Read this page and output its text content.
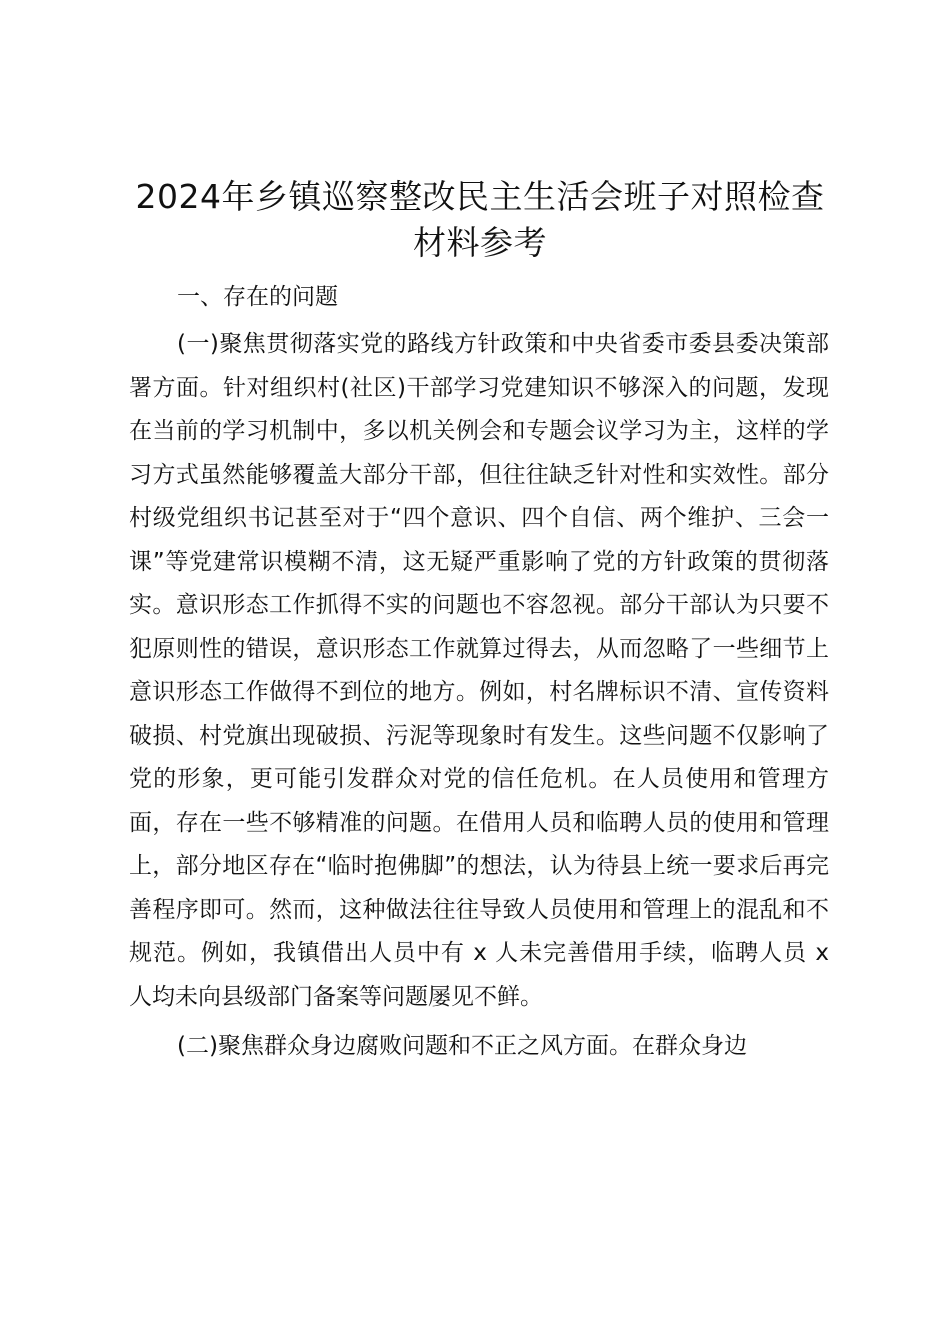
2024年乡镇巡察整改民主生活会班子对照检查材料参考

一、存在的问题

(一)聚焦贯彻落实党的路线方针政策和中央省委市委县委决策部署方面。针对组织村(社区)干部学习党建知识不够深入的问题，发现在当前的学习机制中，多以机关例会和专题会议学习为主，这样的学习方式虽然能够覆盖大部分干部，但往往缺乏针对性和实效性。部分村级党组织书记甚至对于“四个意识、四个自信、两个维护、三会一课”等党建常识模糊不清，这无疑严重影响了党的方针政策的贯彻落实。意识形态工作抓得不实的问题也不容忽视。部分干部认为只要不犯原则性的错误，意识形态工作就算过得去，从而忽略了一些细节上意识形态工作做得不到位的地方。例如，村名牌标识不清、宣传资料破损、村党旗出现破损、污泥等现象时有发生。这些问题不仅影响了党的形象，更可能引发群众对党的信任危机。在人员使用和管理方面，存在一些不够精准的问题。在借用人员和临聘人员的使用和管理上，部分地区存在“临时抱佛脚”的想法，认为待县上统一要求后再完善程序即可。然而，这种做法往往导致人员使用和管理上的混乱和不规范。例如，我镇借出人员中有 x 人未完善借用手续，临聘人员 x 人均未向县级部门备案等问题屡见不鲜。

(二)聚焦群众身边腐败问题和不正之风方面。在群众身边
